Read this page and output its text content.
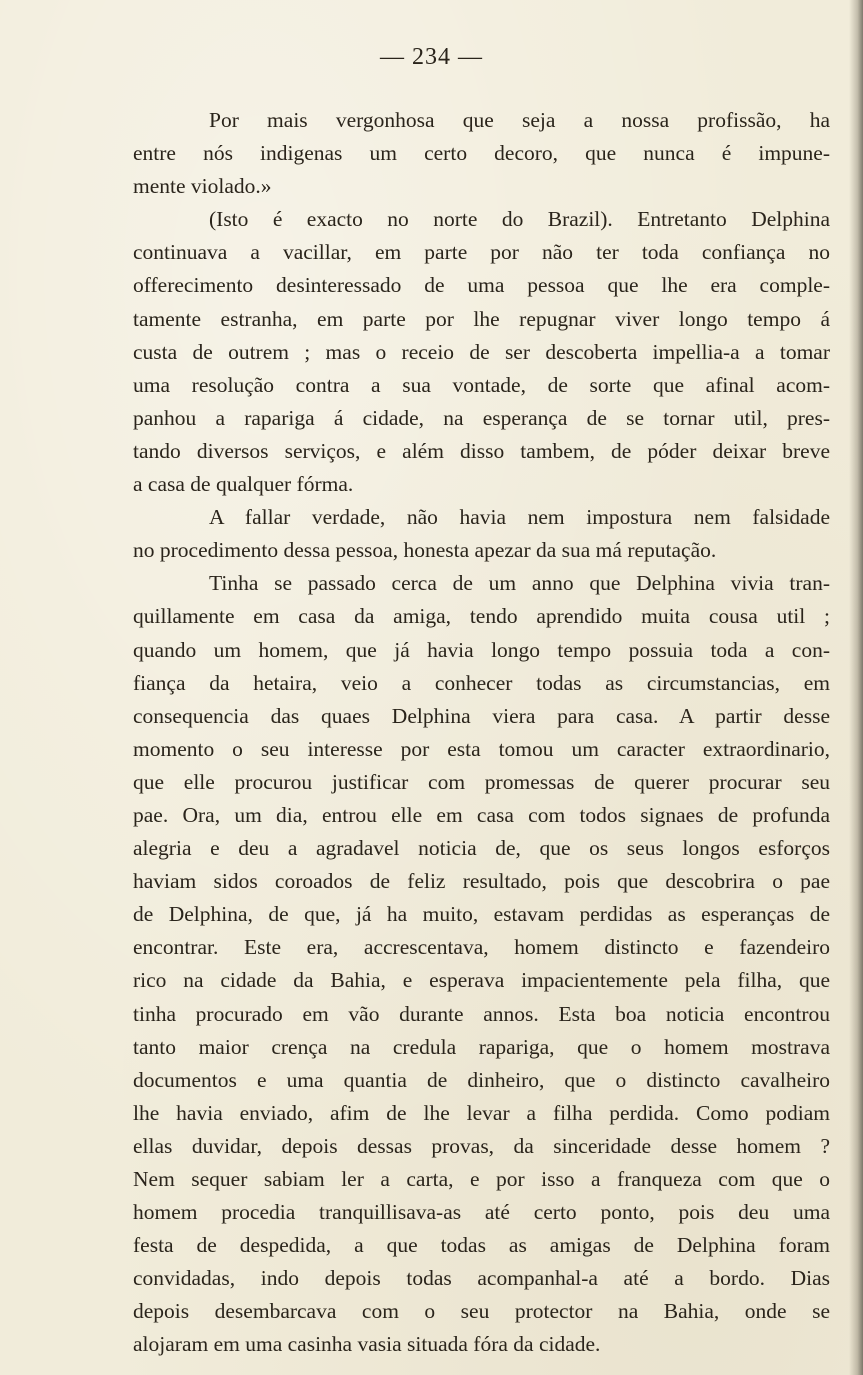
— 234 —
Por mais vergonhosa que seja a nossa profissão, ha
entre nós indigenas um certo decoro, que nunca é impune-
mente violado.»
(Isto é exacto no norte do Brazil). Entretanto Delphina
continuava a vacillar, em parte por não ter toda confiança no
offerecimento desinteressado de uma pessoa que lhe era comple-
tamente estranha, em parte por lhe repugnar viver longo tempo á
custa de outrem ; mas o receio de ser descoberta impellia-a a tomar
uma resolução contra a sua vontade, de sorte que afinal acom-
panhou a rapariga á cidade, na esperança de se tornar util, pres-
tando diversos serviços, e além disso tambem, de póder deixar breve
a casa de qualquer fórma.
A fallar verdade, não havia nem impostura nem falsidade
no procedimento dessa pessoa, honesta apezar da sua má reputação.
Tinha se passado cerca de um anno que Delphina vivia tran-
quillamente em casa da amiga, tendo aprendido muita cousa util ;
quando um homem, que já havia longo tempo possuia toda a con-
fiança da hetaira, veio a conhecer todas as circumstancias, em
consequencia das quaes Delphina viera para casa. A partir desse
momento o seu interesse por esta tomou um caracter extraordinario,
que elle procurou justificar com promessas de querer procurar seu
pae. Ora, um dia, entrou elle em casa com todos signaes de profunda
alegria e deu a agradavel noticia de, que os seus longos esforços
haviam sidos coroados de feliz resultado, pois que descobrira o pae
de Delphina, de que, já ha muito, estavam perdidas as esperanças de
encontrar. Este era, accrescentava, homem distincto e fazendeiro
rico na cidade da Bahia, e esperava impacientemente pela filha, que
tinha procurado em vão durante annos. Esta boa noticia encontrou
tanto maior crença na credula rapariga, que o homem mostrava
documentos e uma quantia de dinheiro, que o distincto cavalheiro
lhe havia enviado, afim de lhe levar a filha perdida. Como podiam
ellas duvidar, depois dessas provas, da sinceridade desse homem ?
Nem sequer sabiam ler a carta, e por isso a franqueza com que o
homem procedia tranquillisava-as até certo ponto, pois deu uma
festa de despedida, a que todas as amigas de Delphina foram
convidadas, indo depois todas acompanhal-a até a bordo. Dias
depois desembarcava com o seu protector na Bahia, onde se
alojaram em uma casinha vasia situada fóra da cidade.
